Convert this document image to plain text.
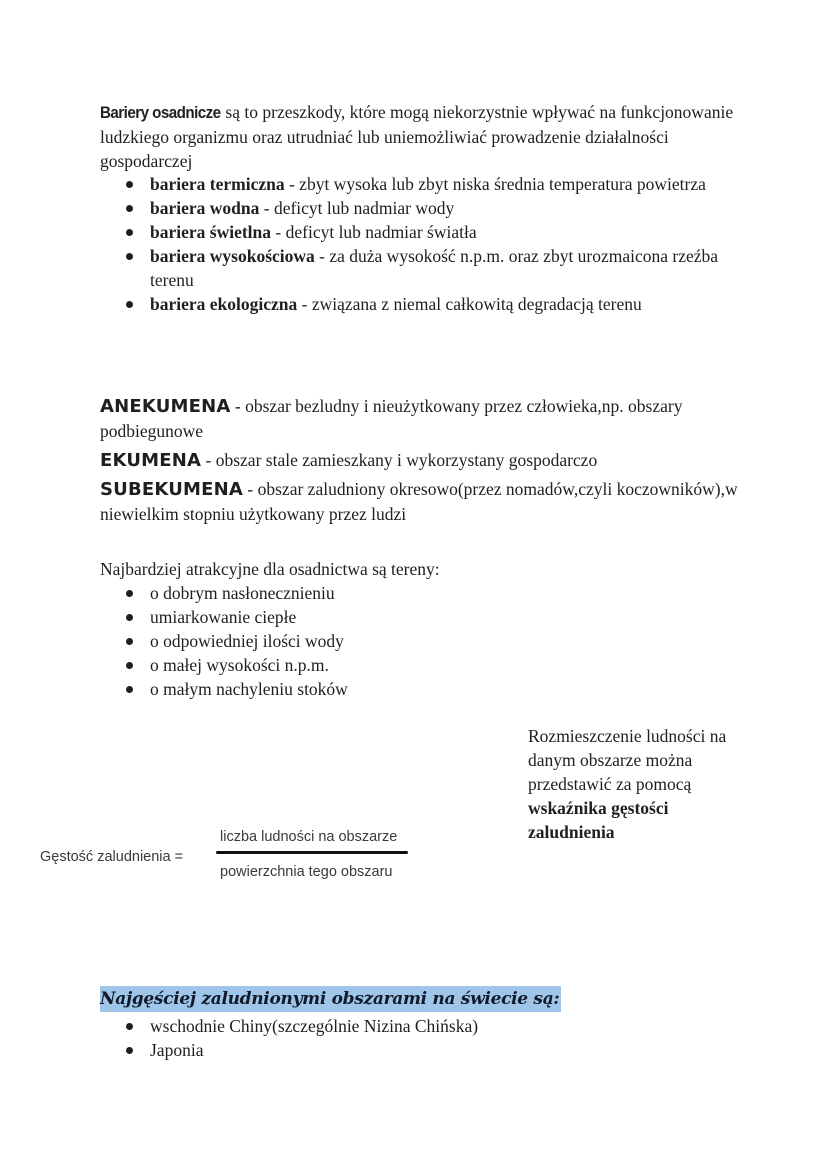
Bariery osadnicze są to przeszkody, które mogą niekorzystnie wpływać na funkcjonowanie ludzkiego organizmu oraz utrudniać lub uniemożliwiać prowadzenie działalności gospodarczej
bariera termiczna - zbyt wysoka lub zbyt niska średnia temperatura powietrza
bariera wodna - deficyt lub nadmiar wody
bariera świetlna - deficyt lub nadmiar światła
bariera wysokościowa - za duża wysokość n.p.m. oraz zbyt urozmaicona rzeźba terenu
bariera ekologiczna - związana z niemal całkowitą degradacją terenu

ANEKUMENA - obszar bezludny i nieużytkowany przez człowieka,np. obszary podbiegunowe

EKUMENA - obszar stale zamieszkany i wykorzystany gospodarczo

SUBEKUMENA - obszar zaludniony okresowo(przez nomadów,czyli koczowników),w niewielkim stopniu użytkowany przez ludzi

Najbardziej atrakcyjne dla osadnictwa są tereny:
o dobrym nasłonecznieniu
umiarkowanie ciepłe
o odpowiedniej ilości wody
o małej wysokości n.p.m.
o małym nachyleniu stoków
Rozmieszczenie ludności na danym obszarze można przedstawić za pomocą wskaźnika gęstości zaludnienia
Gęstość zaludnienia =
liczba ludności na obszarze
powierzchnia tego obszaru
Najgęściej zaludnionymi obszarami na świecie są:
wschodnie Chiny(szczególnie Nizina Chińska)
Japonia
